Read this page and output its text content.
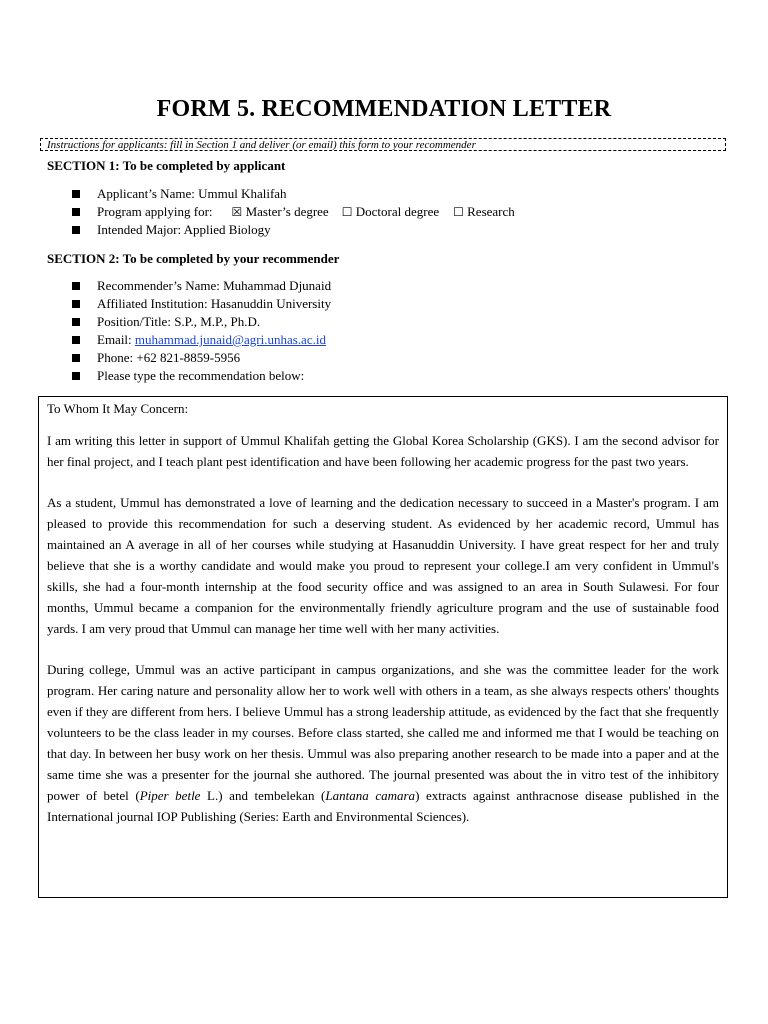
FORM 5. RECOMMENDATION LETTER
Instructions for applicants: fill in Section 1 and deliver (or email) this form to your recommender
SECTION 1: To be completed by applicant
Applicant’s Name: Ummul Khalifah
Program applying for: ☒ Master’s degree ☐ Doctoral degree ☐ Research
Intended Major: Applied Biology
SECTION 2: To be completed by your recommender
Recommender’s Name: Muhammad Djunaid
Affiliated Institution: Hasanuddin University
Position/Title: S.P., M.P., Ph.D.
Email: muhammad.junaid@agri.unhas.ac.id
Phone: +62 821-8859-5956
Please type the recommendation below:

To Whom It May Concern:

I am writing this letter in support of Ummul Khalifah getting the Global Korea Scholarship (GKS). I am the second advisor for her final project, and I teach plant pest identification and have been following her academic progress for the past two years.

As a student, Ummul has demonstrated a love of learning and the dedication necessary to succeed in a Master's program. I am pleased to provide this recommendation for such a deserving student. As evidenced by her academic record, Ummul has maintained an A average in all of her courses while studying at Hasanuddin University. I have great respect for her and truly believe that she is a worthy candidate and would make you proud to represent your college.I am very confident in Ummul's skills, she had a four-month internship at the food security office and was assigned to an area in South Sulawesi. For four months, Ummul became a companion for the environmentally friendly agriculture program and the use of sustainable food yards. I am very proud that Ummul can manage her time well with her many activities.

During college, Ummul was an active participant in campus organizations, and she was the committee leader for the work program. Her caring nature and personality allow her to work well with others in a team, as she always respects others' thoughts even if they are different from hers. I believe Ummul has a strong leadership attitude, as evidenced by the fact that she frequently volunteers to be the class leader in my courses. Before class started, she called me and informed me that I would be teaching on that day. In between her busy work on her thesis. Ummul was also preparing another research to be made into a paper and at the same time she was a presenter for the journal she authored. The journal presented was about the in vitro test of the inhibitory power of betel (Piper betle L.) and tembelekan (Lantana camara) extracts against anthracnose disease published in the International journal IOP Publishing (Series: Earth and Environmental Sciences).
